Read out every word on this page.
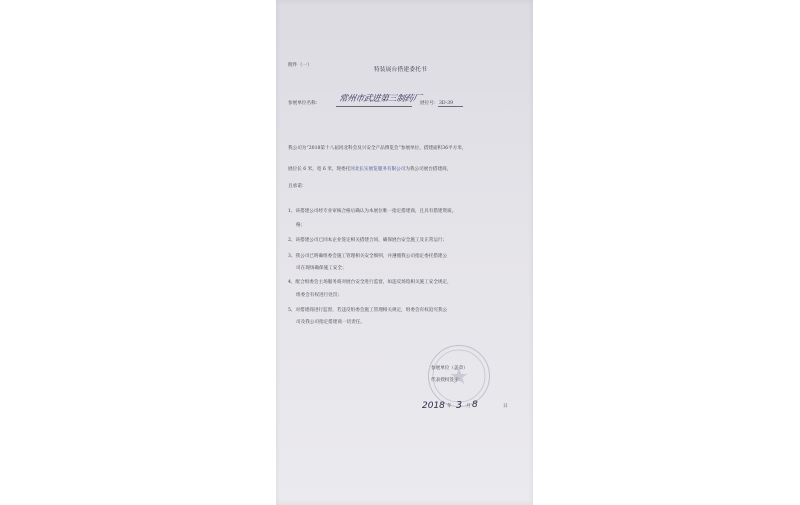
附件（一）
特装展台搭建委托书
参展单位名称： 常州市武进第三制药厂
展位号： 3D-39
我公司为“2018第十八届河北科会及兴安全产品博览会”参展单位，搭建面积36平方米，
展位长 6 米，宽 6 米，现委托河北长实展览服务有限公司为我公司展台搭建商，
且承诺：
1、该搭建公司经专业审核合格后确认为本展位唯一指定搭建商，且具有搭建资质。
格；
2、该搭建公司已同本企业签定相关搭建合同，确保展台安全施工及正常运行；
3、我公司已明确组委会施工管理相关安全细则，并遵循我公司指定委托搭建公
司在现场确保施工安全；
4、配合组委会主场服务商对展台安全进行监督，如违反场馆相关施工安全规定，
组委会有权进行处罚；
5、对搭建商进行监督，若违反组委会施工管理相关规定，组委会有权追究我公
司及我公司指定搭建商一切责任。
参展单位（盖章）
代表授权签字：
2018 年 3 月 8	日
